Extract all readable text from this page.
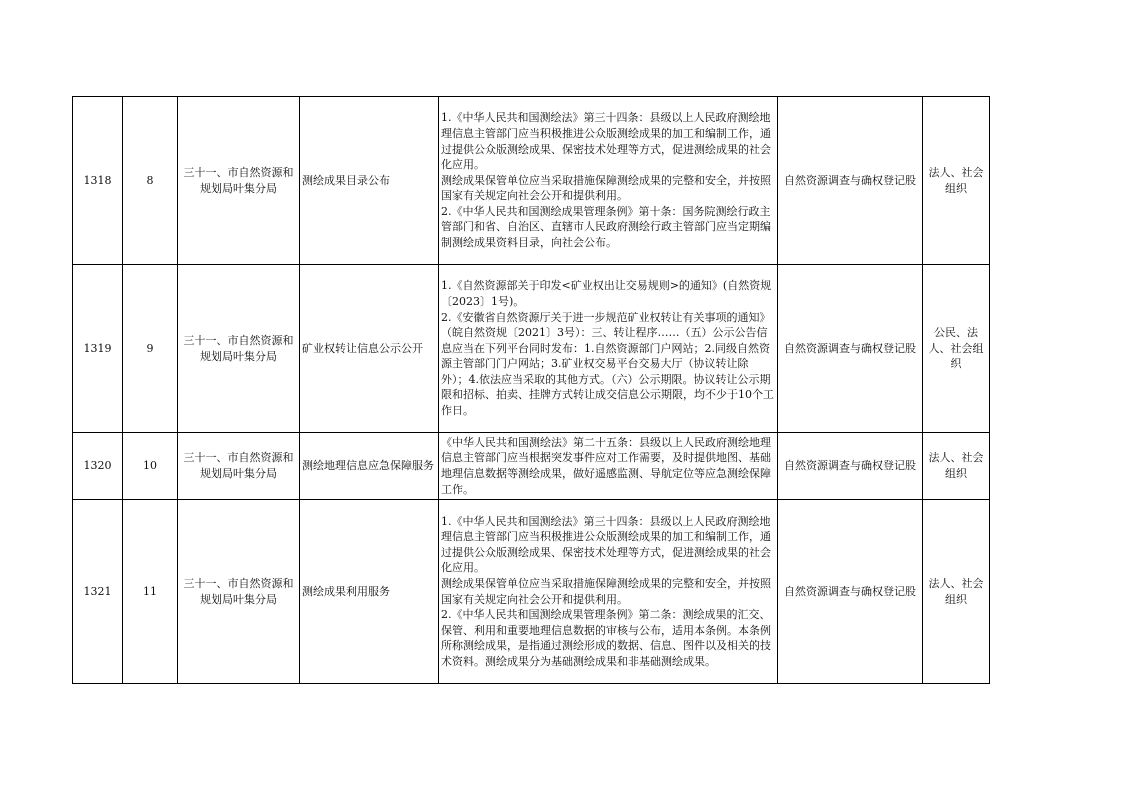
1318	8	三十一、市自然资源和规划局叶集分局	测绘成果目录公布	1.《中华人民共和国测绘法》第三十四条：县级以上人民政府测绘地理信息主管部门应当积极推进公众版测绘成果的加工和编制工作，通过提供公众版测绘成果、保密技术处理等方式，促进测绘成果的社会化应用。
测绘成果保管单位应当采取措施保障测绘成果的完整和安全，并按照国家有关规定向社会公开和提供利用。
2.《中华人民共和国测绘成果管理条例》第十条：国务院测绘行政主管部门和省、自治区、直辖市人民政府测绘行政主管部门应当定期编制测绘成果资料目录，向社会公布。	自然资源调查与确权登记股	法人、社会组织
1319	9	三十一、市自然资源和规划局叶集分局	矿业权转让信息公示公开	1.《自然资源部关于印发<矿业权出让交易规则>的通知》(自然资规〔2023〕1号)。
2.《安徽省自然资源厅关于进一步规范矿业权转让有关事项的通知》（皖自然资规〔2021〕3号）：三、转让程序……（五）公示公告信息应当在下列平台同时发布：1.自然资源部门户网站；2.同级自然资源主管部门门户网站；3.矿业权交易平台交易大厅（协议转让除外）；4.依法应当采取的其他方式。（六）公示期限。协议转让公示期限和招标、拍卖、挂牌方式转让成交信息公示期限，均不少于10个工作日。	自然资源调查与确权登记股	公民、法人、社会组织
1320	10	三十一、市自然资源和规划局叶集分局	测绘地理信息应急保障服务	《中华人民共和国测绘法》第二十五条：县级以上人民政府测绘地理信息主管部门应当根据突发事件应对工作需要，及时提供地图、基础地理信息数据等测绘成果，做好遥感监测、导航定位等应急测绘保障工作。	自然资源调查与确权登记股	法人、社会组织
1321	11	三十一、市自然资源和规划局叶集分局	测绘成果利用服务	1.《中华人民共和国测绘法》第三十四条：县级以上人民政府测绘地理信息主管部门应当积极推进公众版测绘成果的加工和编制工作，通过提供公众版测绘成果、保密技术处理等方式，促进测绘成果的社会化应用。
测绘成果保管单位应当采取措施保障测绘成果的完整和安全，并按照国家有关规定向社会公开和提供利用。
2.《中华人民共和国测绘成果管理条例》第二条：测绘成果的汇交、保管、利用和重要地理信息数据的审核与公布，适用本条例。本条例所称测绘成果，是指通过测绘形成的数据、信息、图件以及相关的技术资料。测绘成果分为基础测绘成果和非基础测绘成果。	自然资源调查与确权登记股	法人、社会组织
